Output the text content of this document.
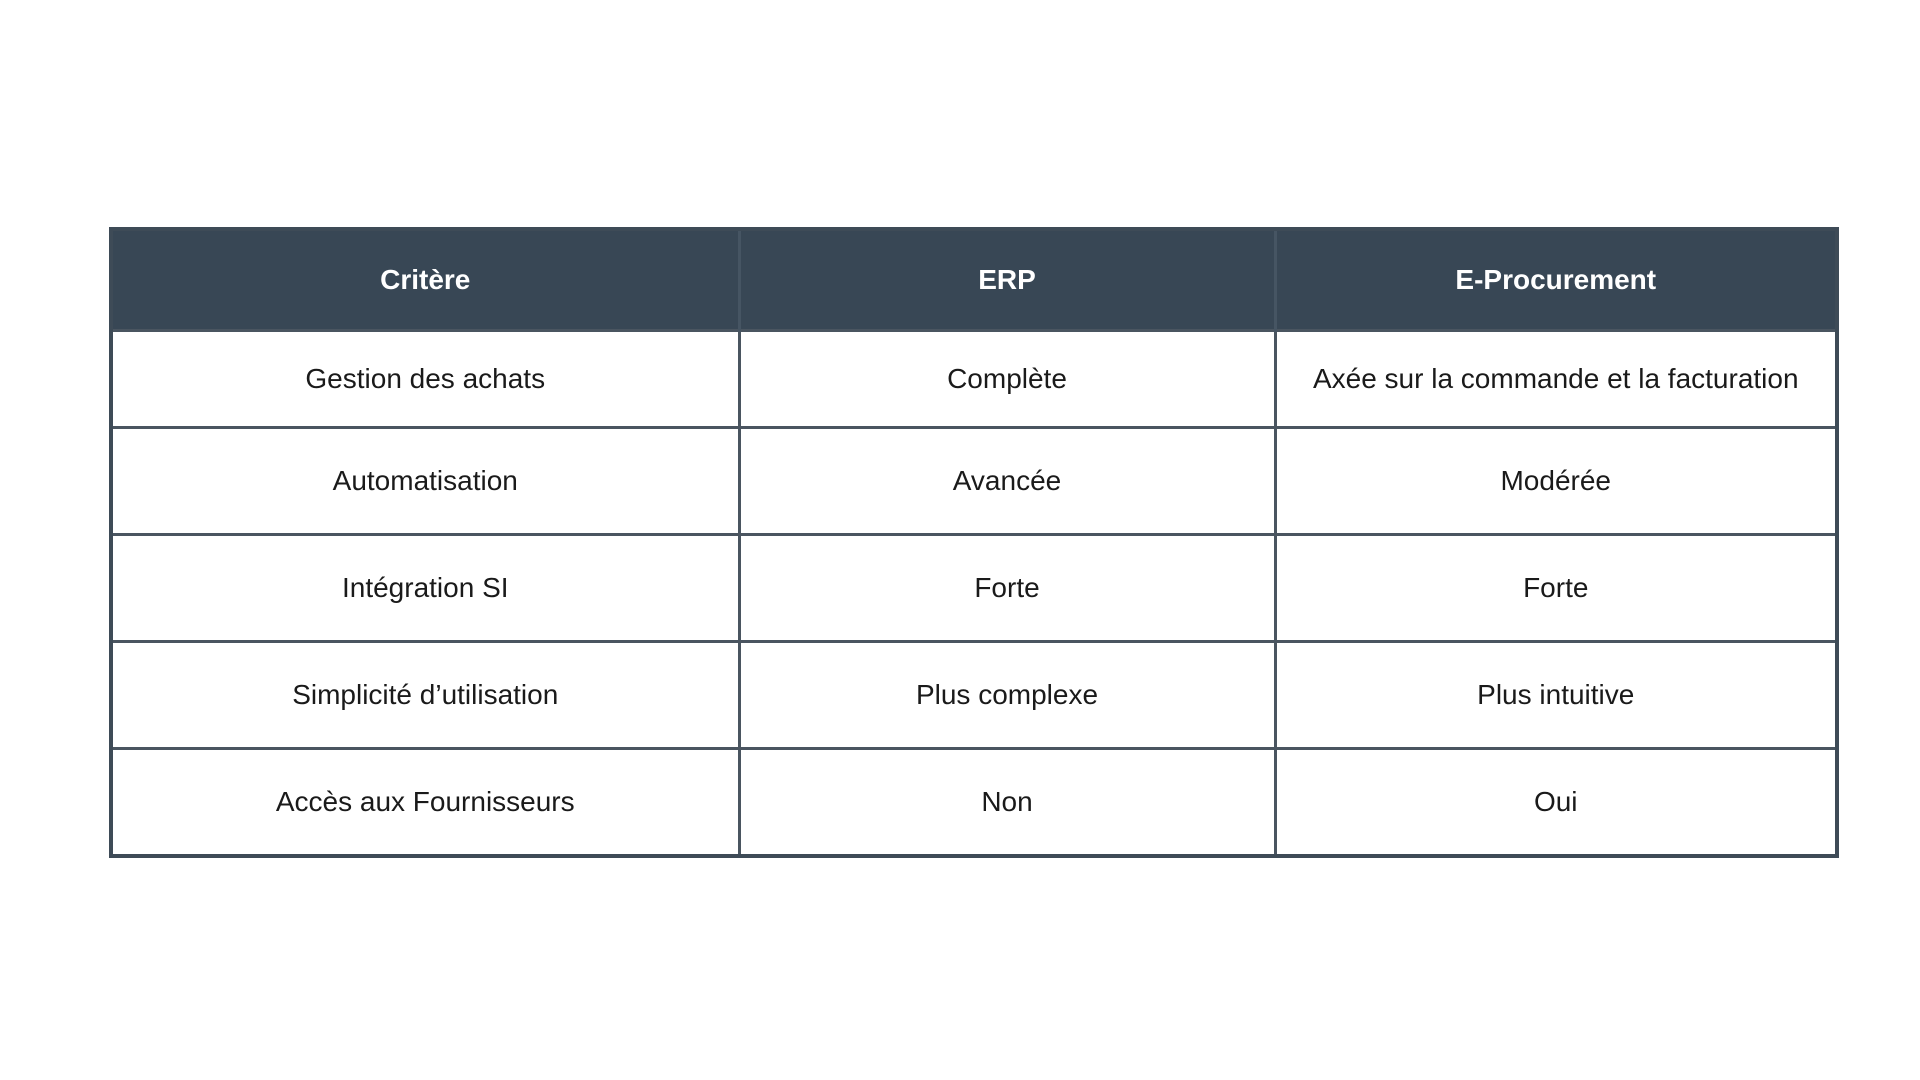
Critère	ERP	E-Procurement
Gestion des achats	Complète	Axée sur la commande et la facturation
Automatisation	Avancée	Modérée
Intégration SI	Forte	Forte
Simplicité d’utilisation	Plus complexe	Plus intuitive
Accès aux Fournisseurs	Non	Oui
